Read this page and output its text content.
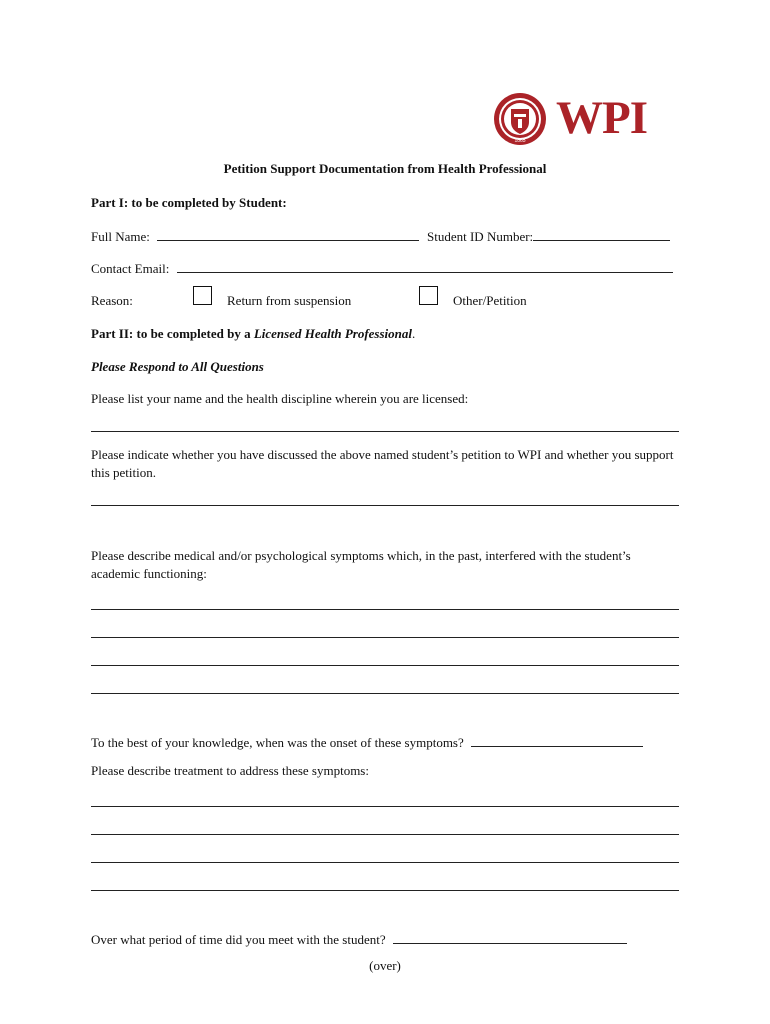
1865 WPI
Petition Support Documentation from Health Professional
Part I: to be completed by Student:
Full Name:	Student ID Number:
Contact Email:
Reason:	Return from suspension	Other/Petition
Part II: to be completed by a Licensed Health Professional.
Please Respond to All Questions
Please list your name and the health discipline wherein you are licensed:
Please indicate whether you have discussed the above named student’s petition to WPI and whether you support this petition.
Please describe medical and/or psychological symptoms which, in the past, interfered with the student’s academic functioning:
To the best of your knowledge, when was the onset of these symptoms?
Please describe treatment to address these symptoms:
Over what period of time did you meet with the student?
(over)
